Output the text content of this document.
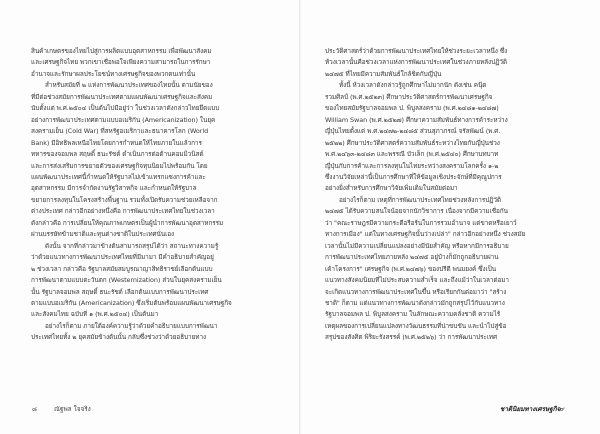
สินค้าเกษตรของไทยไปสู่การผลิตแบบอุตสาหกรรม เพื่อพัฒนาสังคม
และเศรษฐกิจไทย พวกเขาเชื่อพอใจเพียงความสามารถในการรักษา
อำนาจและรักษาผลประโยชน์ทางเศรษฐกิจของพวกตนเท่านั้น
สำหรับสมัยที่ ๒ แห่งการพัฒนาประเทศของไทยนั้น ตามนัยของ
ที่มีต่อช่วงสมัยการพัฒนาประเทศตามแผนพัฒนาเศรษฐกิจและสังคม
นับตั้งแต่ พ.ศ.๒๕๐๔ เป็นต้นไปมีอยู่ว่า ในช่วงเวลาดังกล่าวไทยยึดแบบ
อย่างการพัฒนาประเทศตามแบบอเมริกัน (Americanization) ในยุค
สงครามเย็น (Cold War) ที่สหรัฐอเมริกาและธนาคารโลก (World
Bank) มีอิทธิพลเหนือไทยโดยการกำหนดให้ไทยภายในแล้วการ
ทหารของจอมพล สฤษดิ์ ธนะรัชต์ ดำเนินการต่อต้านคอมมิวนิสต์
และการส่งเสริมการขยายตัวของเศรษฐกิจทุนนิยมไปพร้อมกัน โดย
แผนพัฒนาประเทศนี้กำหนดให้รัฐบาลไม่เข้าแทรกแซงการค้าและ
อุตสาหกรรม มีการจำกัดงานรัฐวิสาหกิจ และกำหนดให้รัฐบาล
ขยายการลงทุนในโครงสร้างพื้นฐาน รวมทั้งเปิดรับความช่วยเหลือจาก
ต่างประเทศ กล่าวอีกอย่างหนึ่งคือ การพัฒนาประเทศไทยในช่วงเวลา
ดังกล่าวคือ การเปลี่ยนให้คุณภาพเกษตรเป็นผู้นำการพัฒนาอุตสาหกรรม
ผ่านบรรษัทข้ามชาติและทุนต่างชาติในประเทศนั่นเอง
ดังนั้น จากที่กล่าวมาข้างต้นสามารถสรุปได้ว่า สถานะทางความรู้
ว่าด้วยแนวทางการพัฒนาประเทศไทยที่มีมามา มีคำอธิบายสำคัญอยู่
๒ ช่วงเวลา กล่าวคือ รัฐบาลสมัยสมบูรณาญาสิทธิราชย์เลือกต้นแบบ
การพัฒนาตามแบบตะวันตก (Westernization) ส่วนในยุคสงครามเย็น
นั้น รัฐบาลจอมพล สฤษดิ์ ธนะรัชต์ เลือกต้นแบบการพัฒนาประเทศ
ตามแบบอเมริกัน (Americanization) ซึ่งเริ่มต้นพร้อมแผนพัฒนาเศรษฐกิจ
และสังคมไทย ฉบับที่ ๑ (พ.ศ.๒๕๐๔) เป็นต้นมา
อย่างไรก็ตาม ภายใต้องค์ความรู้ว่าด้วยคำอธิบายแบบการพัฒนา
ประเทศไทยทั้ง ๒ ยุคสมัยข้างต้นนั้น กลับซึ่งช่วงว่าด้วยอธิบายทาง
ประวัติศาสตร์ว่าด้วยการพัฒนาประเทศไทยให้ช่วงระยะเวลาหนึ่ง ซึ่ง
ห้วงเวลานั้นคือช่วงเวลาแห่งการพัฒนาประเทศในช่วงภายหลังปฏิวัติ
๒๔๗๕ ที่ไทยมีความสัมพันธ์ใกล้ชิดกับญี่ปุ่น
ทั้งนี้ ห้วงเวลาดังกล่าวรู้ถูกศึกษาไม่มากนัก ดังเช่น คนุ๊ต
รวมศิลป์ (พ.ศ.๒๕๒๓) ศึกษาประวัติศาสตร์การพัฒนาเศรษฐกิจ
ของไทยสมัยรัฐบาลจอมพล ป. พิบูลสงคราม (พ.ศ.๒๔๘๑-๒๔๘๗)
William Swan (พ.ศ.๒๕๒๗) ศึกษาความสัมพันธ์ทางการค้าระหว่าง
ญี่ปุ่นไทยตั้งแต่ พ.ศ.๒๔๗๒-๒๔๘๕ ส่วนสุภาภรณ์ จรัลพัฒน์ (พ.ศ.
๒๕๒๒) ศึกษาประวัติศาสตร์ความสัมพันธ์ระหว่างไทยกับญี่ปุ่นช่วง
พ.ศ.๒๔๖๓-๒๔๘๓ และพรรณี บัวเล็ก (พ.ศ.๒๕๔๐) ศึกษาบทบาท
ญี่ปุ่นกับการค้าและการลงทุนในไทยระหว่างสงครามโลกครั้ง ๑-๒
ซึ่งงานวิจัยเหล่านี้เป็นการศึกษาที่ให้ข้อมูลเชิงประจักษ์ที่มีคุณูปการ
อย่างยิ่งสำหรับการศึกษาวิจัยเพิ่มเติมในสมัยต่อมา
อย่างไรก็ตาม เหตุที่การพัฒนาประเทศไทยช่วงหลังการปฏิวัติ
๒๔๗๕ ได้รับความสนใจน้อยจากนักวิชาการ เนื่องจากมีความเชื่อกัน
ว่า "คณะราษฎรมีความกระตือรือร้นในการรวมอำนาจ แต่ขาดหรือเยาว์
ทางการเมือง" แต่ในทางเศรษฐกิจนั้นว่างเปล่า" กล่าวอีกอย่างหนึ่ง ช่วงสมัย
เวลานั้นไม่มีความเปลี่ยนแปลงอย่างมีนัยสำคัญ หรือหากมีการอธิบาย
การพัฒนาประเทศไทยภายหลัง ๒๔๗๕ อยู่บ้างก็มักถูกอธิบายผ่าน
เค้าโครงการ" เศรษฐกิจ (พ.ศ.๒๔๗๖) ของปรีดี พนมยงค์ ซึ่งเป็น
แนวทางสังคมนิยมที่ไม่ประสบความสำเร็จ และถึงแม้ว่าในเวลาต่อมา
จะเกิดแนวทางการพัฒนาประเทศในขึ้น หรือเรียกกันต่อมาว่า "สร้าง
ชาติ" ก็ตาม แต่แนวทางการพัฒนาดังกล่าวมักถูกสรุปไว้กับแนวทาง
รัฐบาลจอมพล ป. พิบูลสงคราม ในลักษณะความคลั่งชาติ ความไร้
เหตุผลของการเปลี่ยนแปลงทางวัฒนธรรมที่น่าขบขัน และนำไปสู่ข้อ
สรุปของสังศิต พิริยะรังสรรค์ (พ.ศ.๒๕๒๖) ว่า การพัฒนาประเทศ
๘	ณัฐพล ใจจริง	ชาตินิยมทางเศรษฐกิจ ๙
